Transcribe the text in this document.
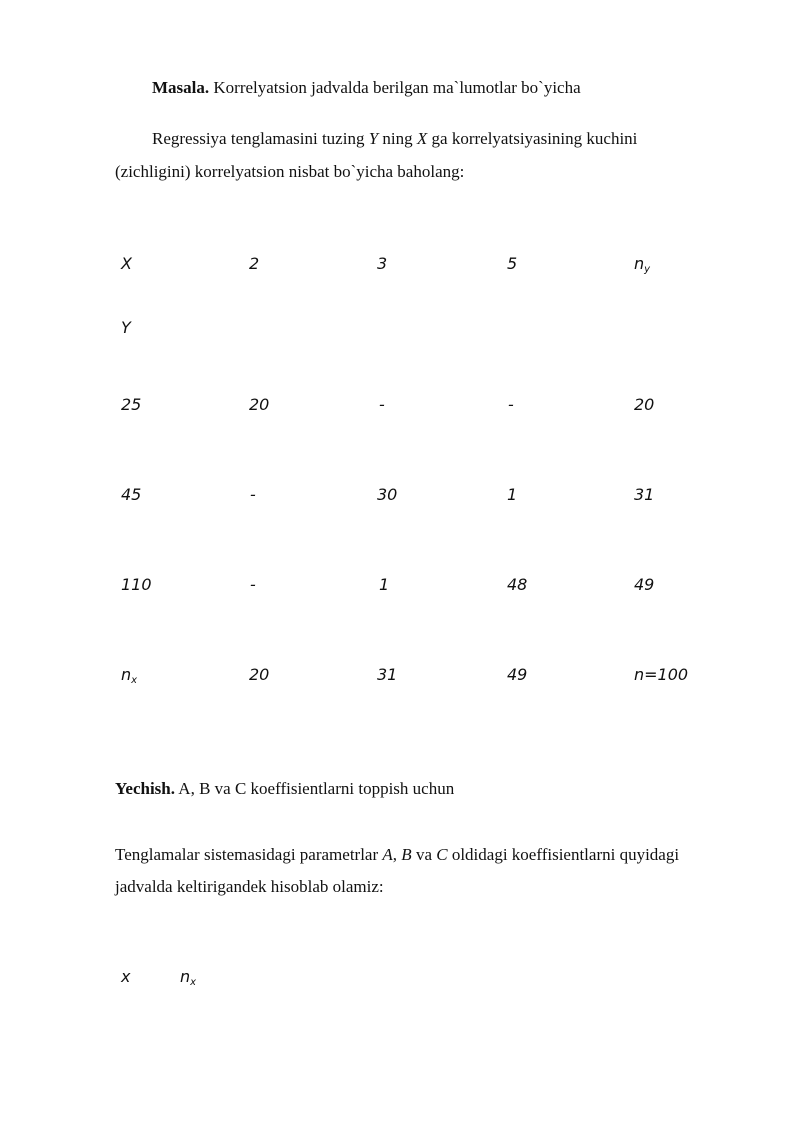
Masala. Korrelyatsion jadvalda berilgan ma`lumotlar bo`yicha
Regressiya tenglamasini tuzing Y ning X ga korrelyatsiyasining kuchini
(zichligini) korrelyatsion nisbat bo`yicha baholang:
X	2	3	5	$n_y$
Y
25	20	-	-	20
45	-	30	1	31
110	-	1	48	49
$n_x$	20	31	49	n=100
Yechish. A, B va C koeffisientlarni toppish uchun
Tenglamalar sistemasidagi parametrlar A, B va C oldidagi koeffisientlarni quyidagi
jadvalda keltirigandek hisoblab olamiz:
x	$n_x$
